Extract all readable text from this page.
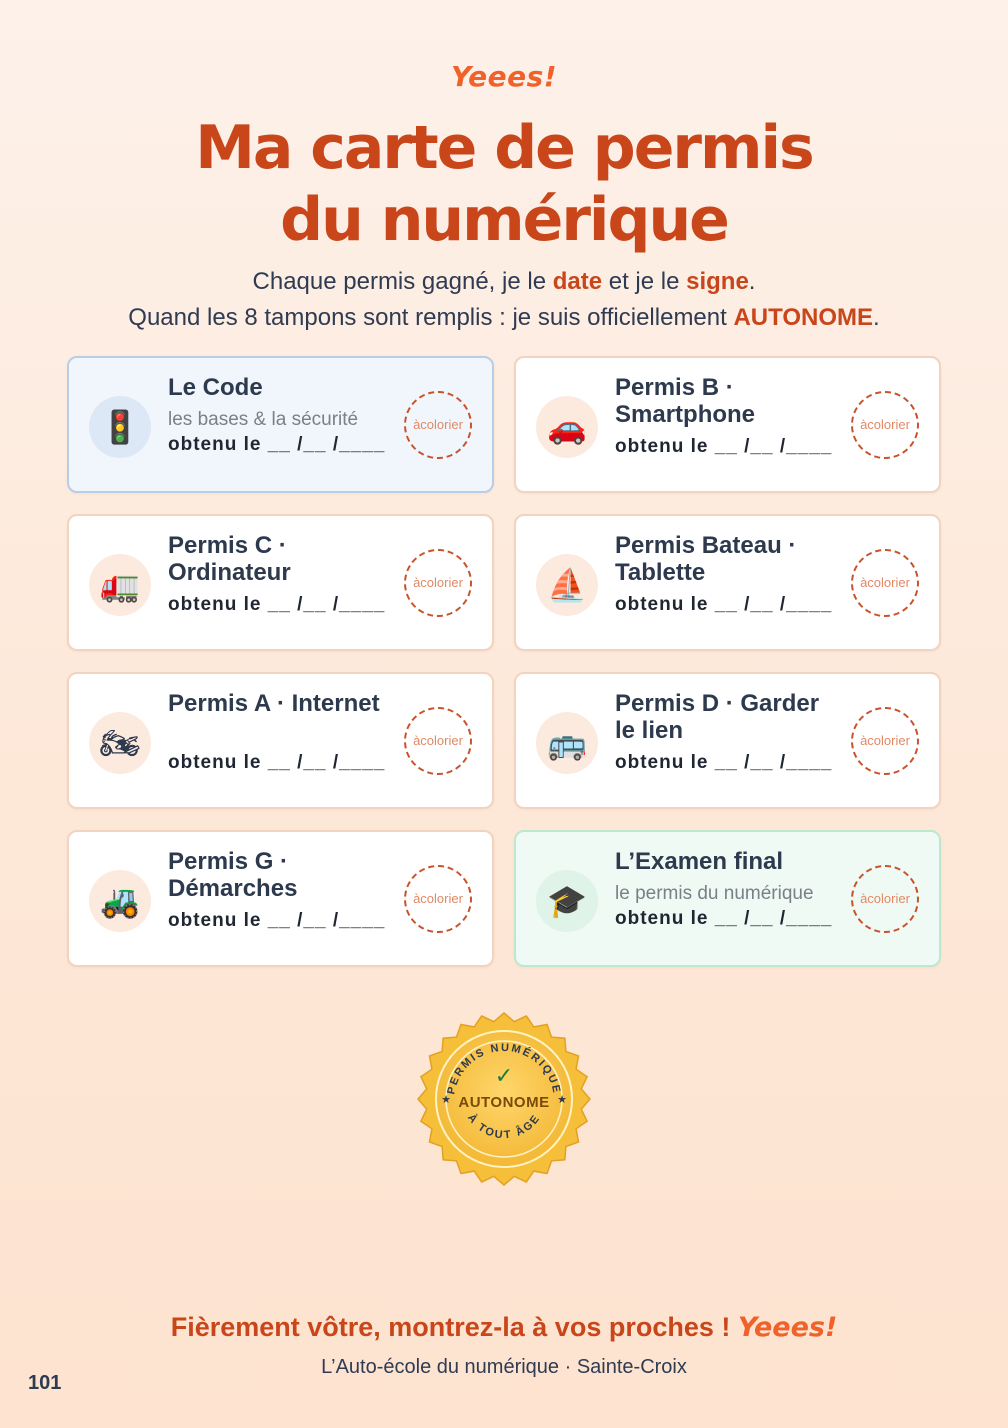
Yeees!
Ma carte de permis
du numérique
Chaque permis gagné, je le date et je le signe.
Quand les 8 tampons sont remplis : je suis officiellement AUTONOME.
🚦
Le Code
les bases & la sécurité
obtenu le __ /__ /____
à colorier	🚗
Permis B · Smartphone
obtenu le __ /__ /____
à colorier
🚛
Permis C · Ordinateur
obtenu le __ /__ /____
à colorier	⛵
Permis Bateau · Tablette
obtenu le __ /__ /____
à colorier
🏍
Permis A · Internet
obtenu le __ /__ /____
à colorier	🚌
Permis D · Garder le lien
obtenu le __ /__ /____
à colorier
🚜
Permis G · Démarches
obtenu le __ /__ /____
à colorier	🎓
L’Examen final
le permis du numérique
obtenu le __ /__ /____
à colorier
PERMIS NUMÉRIQUE
À TOUT ÂGE
✓
★	★
AUTONOME
Fièrement vôtre, montrez-la à vos proches ! Yeees!
L’Auto-école du numérique · Sainte-Croix
101
